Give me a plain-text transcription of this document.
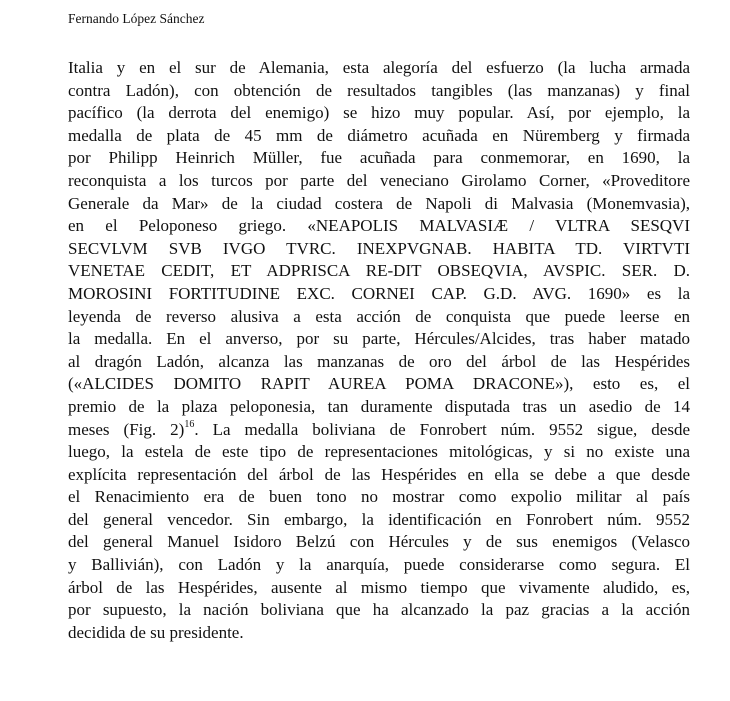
Fernando López Sánchez
Italia y en el sur de Alemania, esta alegoría del esfuerzo (la lucha armada
contra Ladón), con obtención de resultados tangibles (las manzanas) y final
pacífico (la derrota del enemigo) se hizo muy popular. Así, por ejemplo, la
medalla de plata de 45 mm de diámetro acuñada en Nüremberg y firmada
por Philipp Heinrich Müller, fue acuñada para conmemorar, en 1690, la
reconquista a los turcos por parte del veneciano Girolamo Corner, «Proveditore
Generale da Mar» de la ciudad costera de Napoli di Malvasia (Monemvasia),
en el Peloponeso griego. «NEAPOLIS MALVASIÆ / VLTRA SESQVI
SECVLVM SVB IVGO TVRC. INEXPVGNAB. HABITA TD. VIRTVTI
VENETAE CEDIT, ET ADPRISCA RE-DIT OBSEQVIA, AVSPIC. SER. D.
MOROSINI FORTITUDINE EXC. CORNEI CAP. G.D. AVG. 1690» es la
leyenda de reverso alusiva a esta acción de conquista que puede leerse en
la medalla. En el anverso, por su parte, Hércules/Alcides, tras haber matado
al dragón Ladón, alcanza las manzanas de oro del árbol de las Hespérides
(«ALCIDES DOMITO RAPIT AUREA POMA DRACONE»), esto es, el
premio de la plaza peloponesia, tan duramente disputada tras un asedio de 14
meses (Fig. 2)$^{16}$. La medalla boliviana de Fonrobert núm. 9552 sigue, desde
luego, la estela de este tipo de representaciones mitológicas, y si no existe una
explícita representación del árbol de las Hespérides en ella se debe a que desde
el Renacimiento era de buen tono no mostrar como expolio militar al país
del general vencedor. Sin embargo, la identificación en Fonrobert núm. 9552
del general Manuel Isidoro Belzú con Hércules y de sus enemigos (Velasco
y Ballivián), con Ladón y la anarquía, puede considerarse como segura. El
árbol de las Hespérides, ausente al mismo tiempo que vivamente aludido, es,
por supuesto, la nación boliviana que ha alcanzado la paz gracias a la acción
decidida de su presidente.
